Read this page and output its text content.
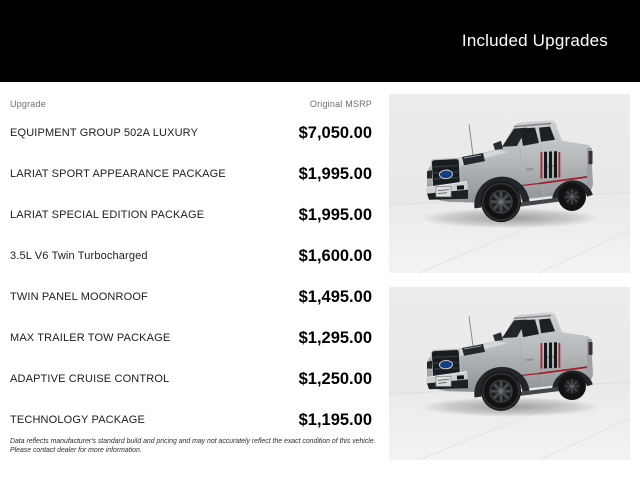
Included Upgrades
Upgrade	Original MSRP
EQUIPMENT GROUP 502A LUXURY	$7,050.00
LARIAT SPORT APPEARANCE PACKAGE	$1,995.00
LARIAT SPECIAL EDITION PACKAGE	$1,995.00
3.5L V6 Twin Turbocharged	$1,600.00
TWIN PANEL MOONROOF	$1,495.00
MAX TRAILER TOW PACKAGE	$1,295.00
ADAPTIVE CRUISE CONTROL	$1,250.00
TECHNOLOGY PACKAGE	$1,195.00
Data reflects manufacturer's standard build and pricing and may not accurately reflect the exact condition of this vehicle.
Please contact dealer for more information.
